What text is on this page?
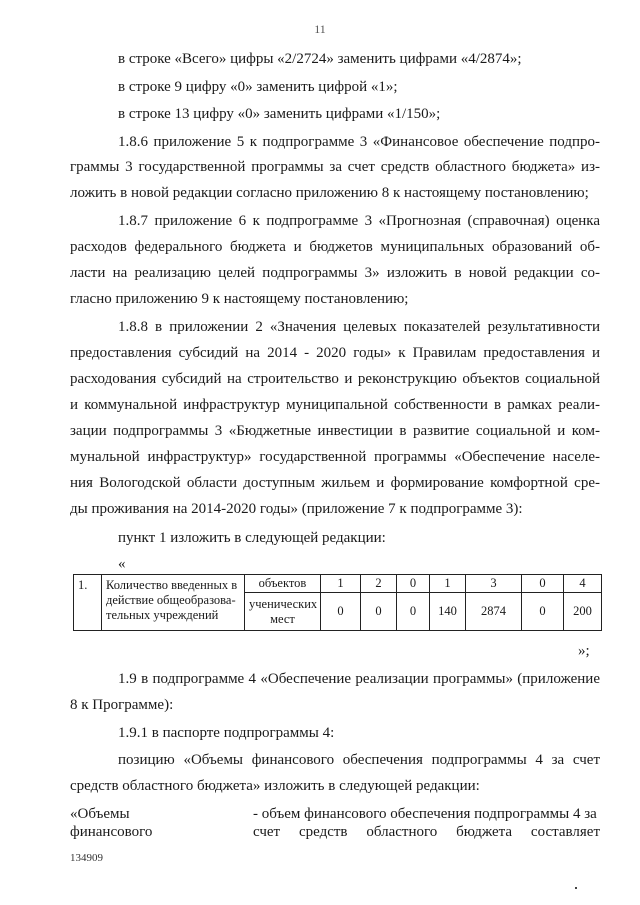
11
в строке «Всего» цифры «2/2724» заменить цифрами «4/2874»;
в строке 9 цифру «0» заменить цифрой «1»;
в строке 13 цифру «0» заменить цифрами «1/150»;
1.8.6 приложение 5 к подпрограмме 3 «Финансовое обеспечение подпро-
граммы 3 государственной программы за счет средств областного бюджета» из-
ложить в новой редакции согласно приложению 8 к настоящему постановлению;
1.8.7 приложение 6 к подпрограмме 3 «Прогнозная (справочная) оценка
расходов федерального бюджета и бюджетов муниципальных образований об-
ласти на реализацию целей подпрограммы 3» изложить в новой редакции со-
гласно приложению 9 к настоящему постановлению;
1.8.8 в приложении 2 «Значения целевых показателей результативности
предоставления субсидий на 2014 - 2020 годы» к Правилам предоставления и
расходования субсидий на строительство и реконструкцию объектов социальной
и коммунальной инфраструктур муниципальной собственности в рамках реали-
зации подпрограммы 3 «Бюджетные инвестиции в развитие социальной и ком-
мунальной инфраструктур» государственной программы «Обеспечение населе-
ния Вологодской области доступным жильем и формирование комфортной сре-
ды проживания на 2014-2020 годы» (приложение 7 к подпрограмме 3):
пункт 1 изложить в следующей редакции:
«
1.	Количество введенных в действие общеобразова-тельных учреждений	объектов	1	2	0	1	3	0	4
		ученических мест	0	0	0	140	2874	0	200
»;
1.9 в подпрограмме 4 «Обеспечение реализации программы» (приложение
8 к Программе):
1.9.1 в паспорте подпрограммы 4:
позицию «Объемы финансового обеспечения подпрограммы 4 за счет
средств областного бюджета» изложить в следующей редакции:
«Объемы
финансового
- объем финансового обеспечения подпрограммы 4 за
счет средств областного бюджета составляет
134909
